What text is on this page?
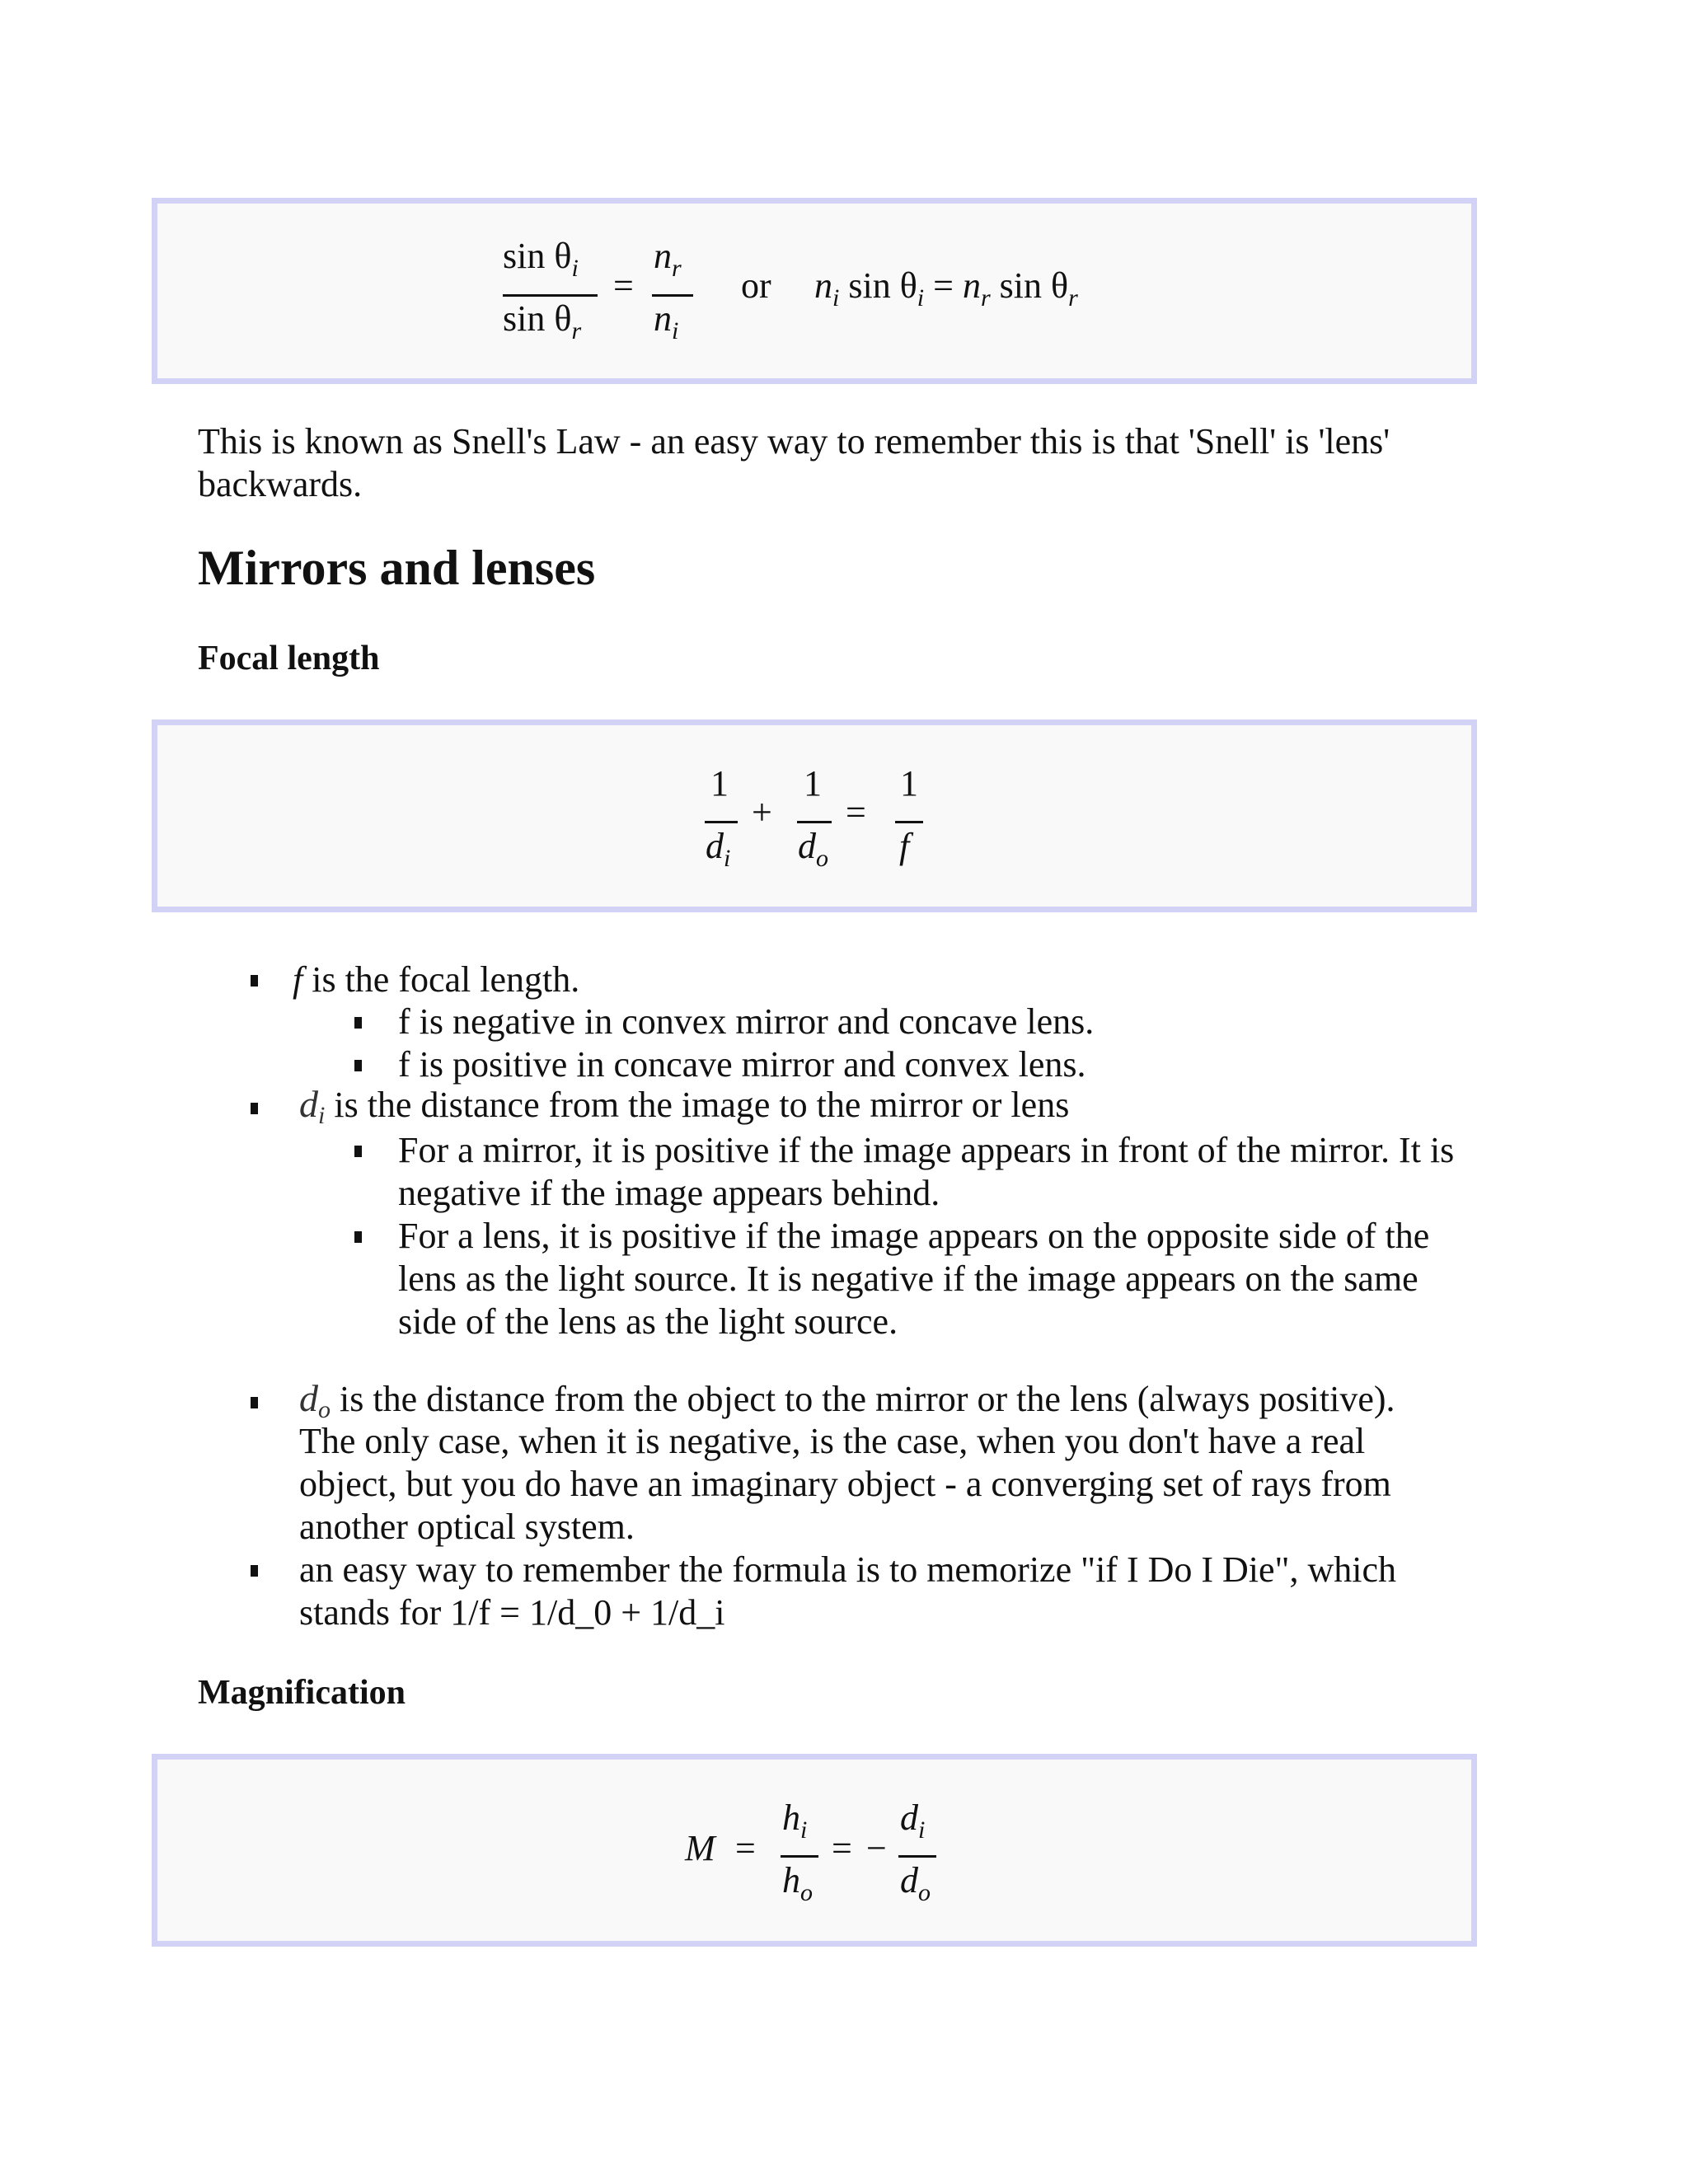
$\sin \theta_i$
$\sin \theta_r$
=
$n_r$
$n_i$
or $n_i$ $\sin \theta_i = n_r$ $\sin \theta_r$
This is known as Snell's Law - an easy way to remember this is that 'Snell' is 'lens'
backwards.
Mirrors and lenses
Focal length
1
$d_i$
+
1
$d_o$
=
1
f
f is the focal length.
f is negative in convex mirror and concave lens.
f is positive in concave mirror and convex lens.
di is the distance from the image to the mirror or lens
For a mirror, it is positive if the image appears in front of the mirror. It is
negative if the image appears behind.
For a lens, it is positive if the image appears on the opposite side of the
lens as the light source. It is negative if the image appears on the same
side of the lens as the light source.
do is the distance from the object to the mirror or the lens (always positive).
The only case, when it is negative, is the case, when you don't have a real
object, but you do have an imaginary object - a converging set of rays from
another optical system.
an easy way to remember the formula is to memorize "if I Do I Die", which
stands for 1/f = 1/d_0 + 1/d_i
Magnification
M =
$h_i$
$h_o$
= −
$d_i$
$d_o$
